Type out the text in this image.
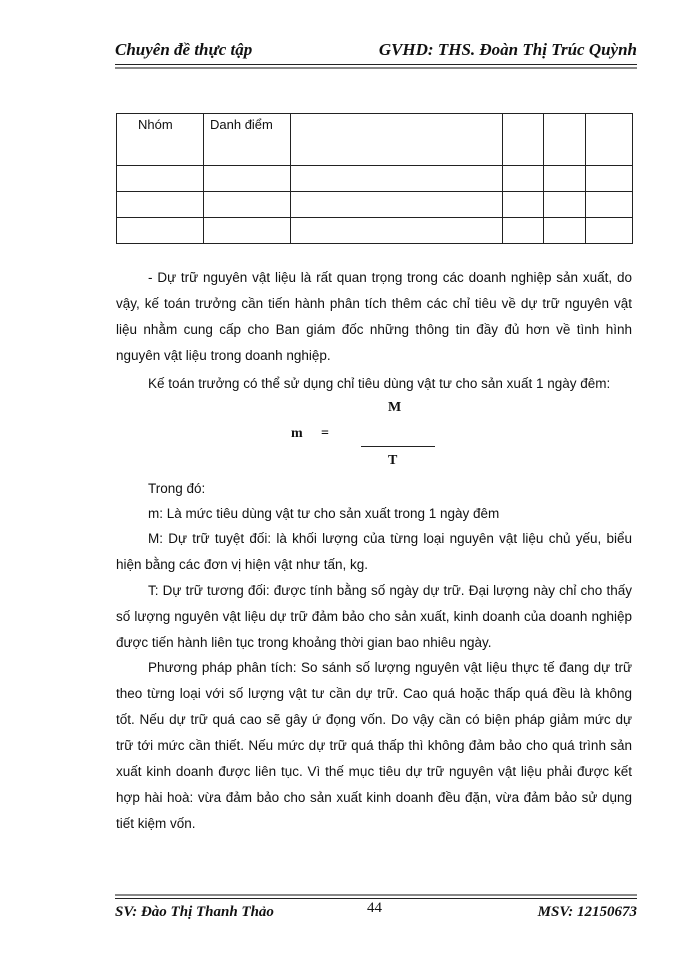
Chuyên đề thực tập	GVHD: THS. Đoàn Thị Trúc Quỳnh
Nhóm	Danh điểm				

- Dự trữ nguyên vật liệu là rất quan trọng trong các doanh nghiệp sản xuất, do vậy, kế toán trưởng cần tiến hành phân tích thêm các chỉ tiêu về dự trữ nguyên vật liệu nhằm cung cấp cho Ban giám đốc những thông tin đầy đủ hơn về tình hình nguyên vật liệu trong doanh nghiệp.
Kế toán trưởng có thể sử dụng chỉ tiêu dùng vật tư cho sản xuất 1 ngày đêm:
m =
M
T
Trong đó:
m: Là mức tiêu dùng vật tư cho sản xuất trong 1 ngày đêm
M: Dự trữ tuyệt đối: là khối lượng của từng loại nguyên vật liệu chủ yếu, biểu hiện bằng các đơn vị hiện vật như tấn, kg.
T: Dự trữ tương đối: được tính bằng số ngày dự trữ. Đại lượng này chỉ cho thấy số lượng nguyên vật liệu dự trữ đảm bảo cho sản xuất, kinh doanh của doanh nghiệp được tiến hành liên tục trong khoảng thời gian bao nhiêu ngày.
Phương pháp phân tích: So sánh số lượng nguyên vật liệu thực tế đang dự trữ theo từng loại với số lượng vật tư cần dự trữ. Cao quá hoặc thấp quá đều là không tốt. Nếu dự trữ quá cao sẽ gây ứ đọng vốn. Do vậy cần có biện pháp giảm mức dự trữ tới mức cần thiết. Nếu mức dự trữ quá thấp thì không đảm bảo cho quá trình sản xuất kinh doanh được liên tục. Vì thế mục tiêu dự trữ nguyên vật liệu phải được kết hợp hài hoà: vừa đảm bảo cho sản xuất kinh doanh đều đặn, vừa đảm bảo sử dụng tiết kiệm vốn.
SV: Đào Thị Thanh Thảo	44	MSV: 12150673
